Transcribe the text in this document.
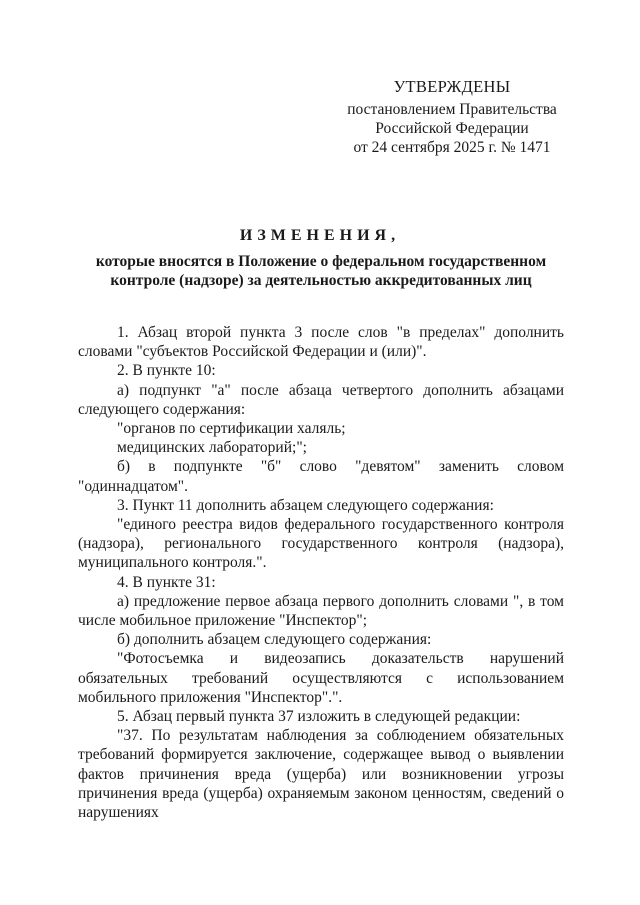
УТВЕРЖДЕНЫ
постановлением Правительства
Российской Федерации
от 24 сентября 2025 г. № 1471
ИЗМЕНЕНИЯ,
которые вносятся в Положение о федеральном государственном контроле (надзоре) за деятельностью аккредитованных лиц

1. Абзац второй пункта 3 после слов "в пределах" дополнить словами "субъектов Российской Федерации и (или)".

2. В пункте 10:

а) подпункт "а" после абзаца четвертого дополнить абзацами следующего содержания:

"органов по сертификации халяль;

медицинских лабораторий;";

б) в подпункте "б" слово "девятом" заменить словом "одиннадцатом".

3. Пункт 11 дополнить абзацем следующего содержания:

"единого реестра видов федерального государственного контроля (надзора), регионального государственного контроля (надзора), муниципального контроля.".

4. В пункте 31:

а) предложение первое абзаца первого дополнить словами ", в том числе мобильное приложение "Инспектор";

б) дополнить абзацем следующего содержания:

"Фотосъемка и видеозапись доказательств нарушений обязательных требований осуществляются с использованием мобильного приложения "Инспектор".".

5. Абзац первый пункта 37 изложить в следующей редакции:

"37. По результатам наблюдения за соблюдением обязательных требований формируется заключение, содержащее вывод о выявлении фактов причинения вреда (ущерба) или возникновении угрозы причинения вреда (ущерба) охраняемым законом ценностям, сведений о нарушениях
